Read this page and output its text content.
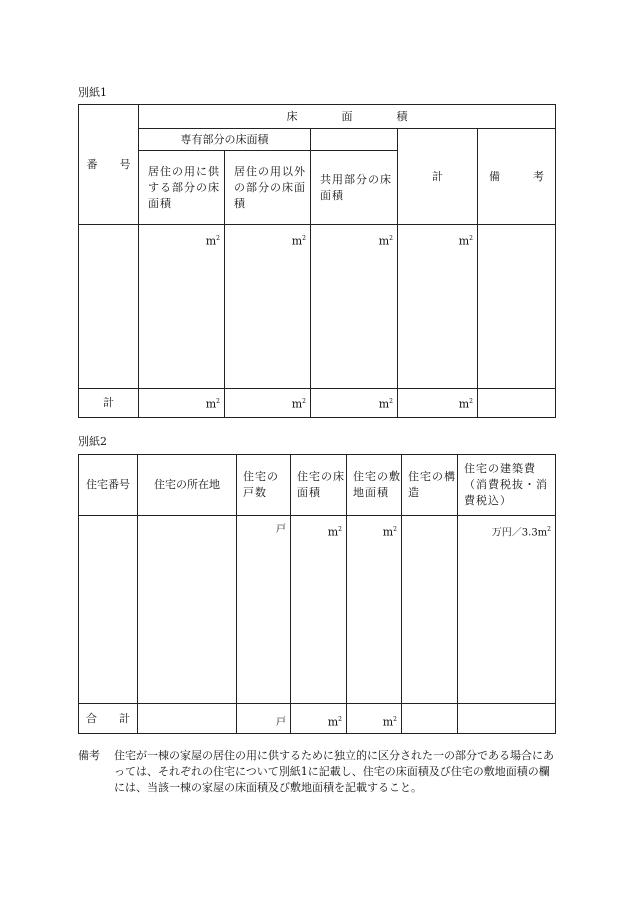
別紙1
番　　号	床　　　　面　　　　積				
	専有部分の床面積			計	備　　　考
	居住の用に供する部分の床面積	居住の用以外の部分の床面積	共用部分の床面積		
	$m^2$	$m^2$	$m^2$	$m^2$	
計	$m^2$	$m^2$	$m^2$	$m^2$	
別紙2
住宅番号	住宅の所在地	住宅の戸数	住宅の床面積	住宅の敷地面積	住宅の構造	住宅の建築費（消費税抜・消費税込）
		戸	$m^2$	$m^2$		万円$/3.3m^2$
合　　計		戸	$m^2$	$m^2$		
備考 住宅が一棟の家屋の居住の用に供するために独立的に区分された一の部分である場合にあっては、それぞれの住宅について別紙1に記載し、住宅の床面積及び住宅の敷地面積の欄には、当該一棟の家屋の床面積及び敷地面積を記載すること。
